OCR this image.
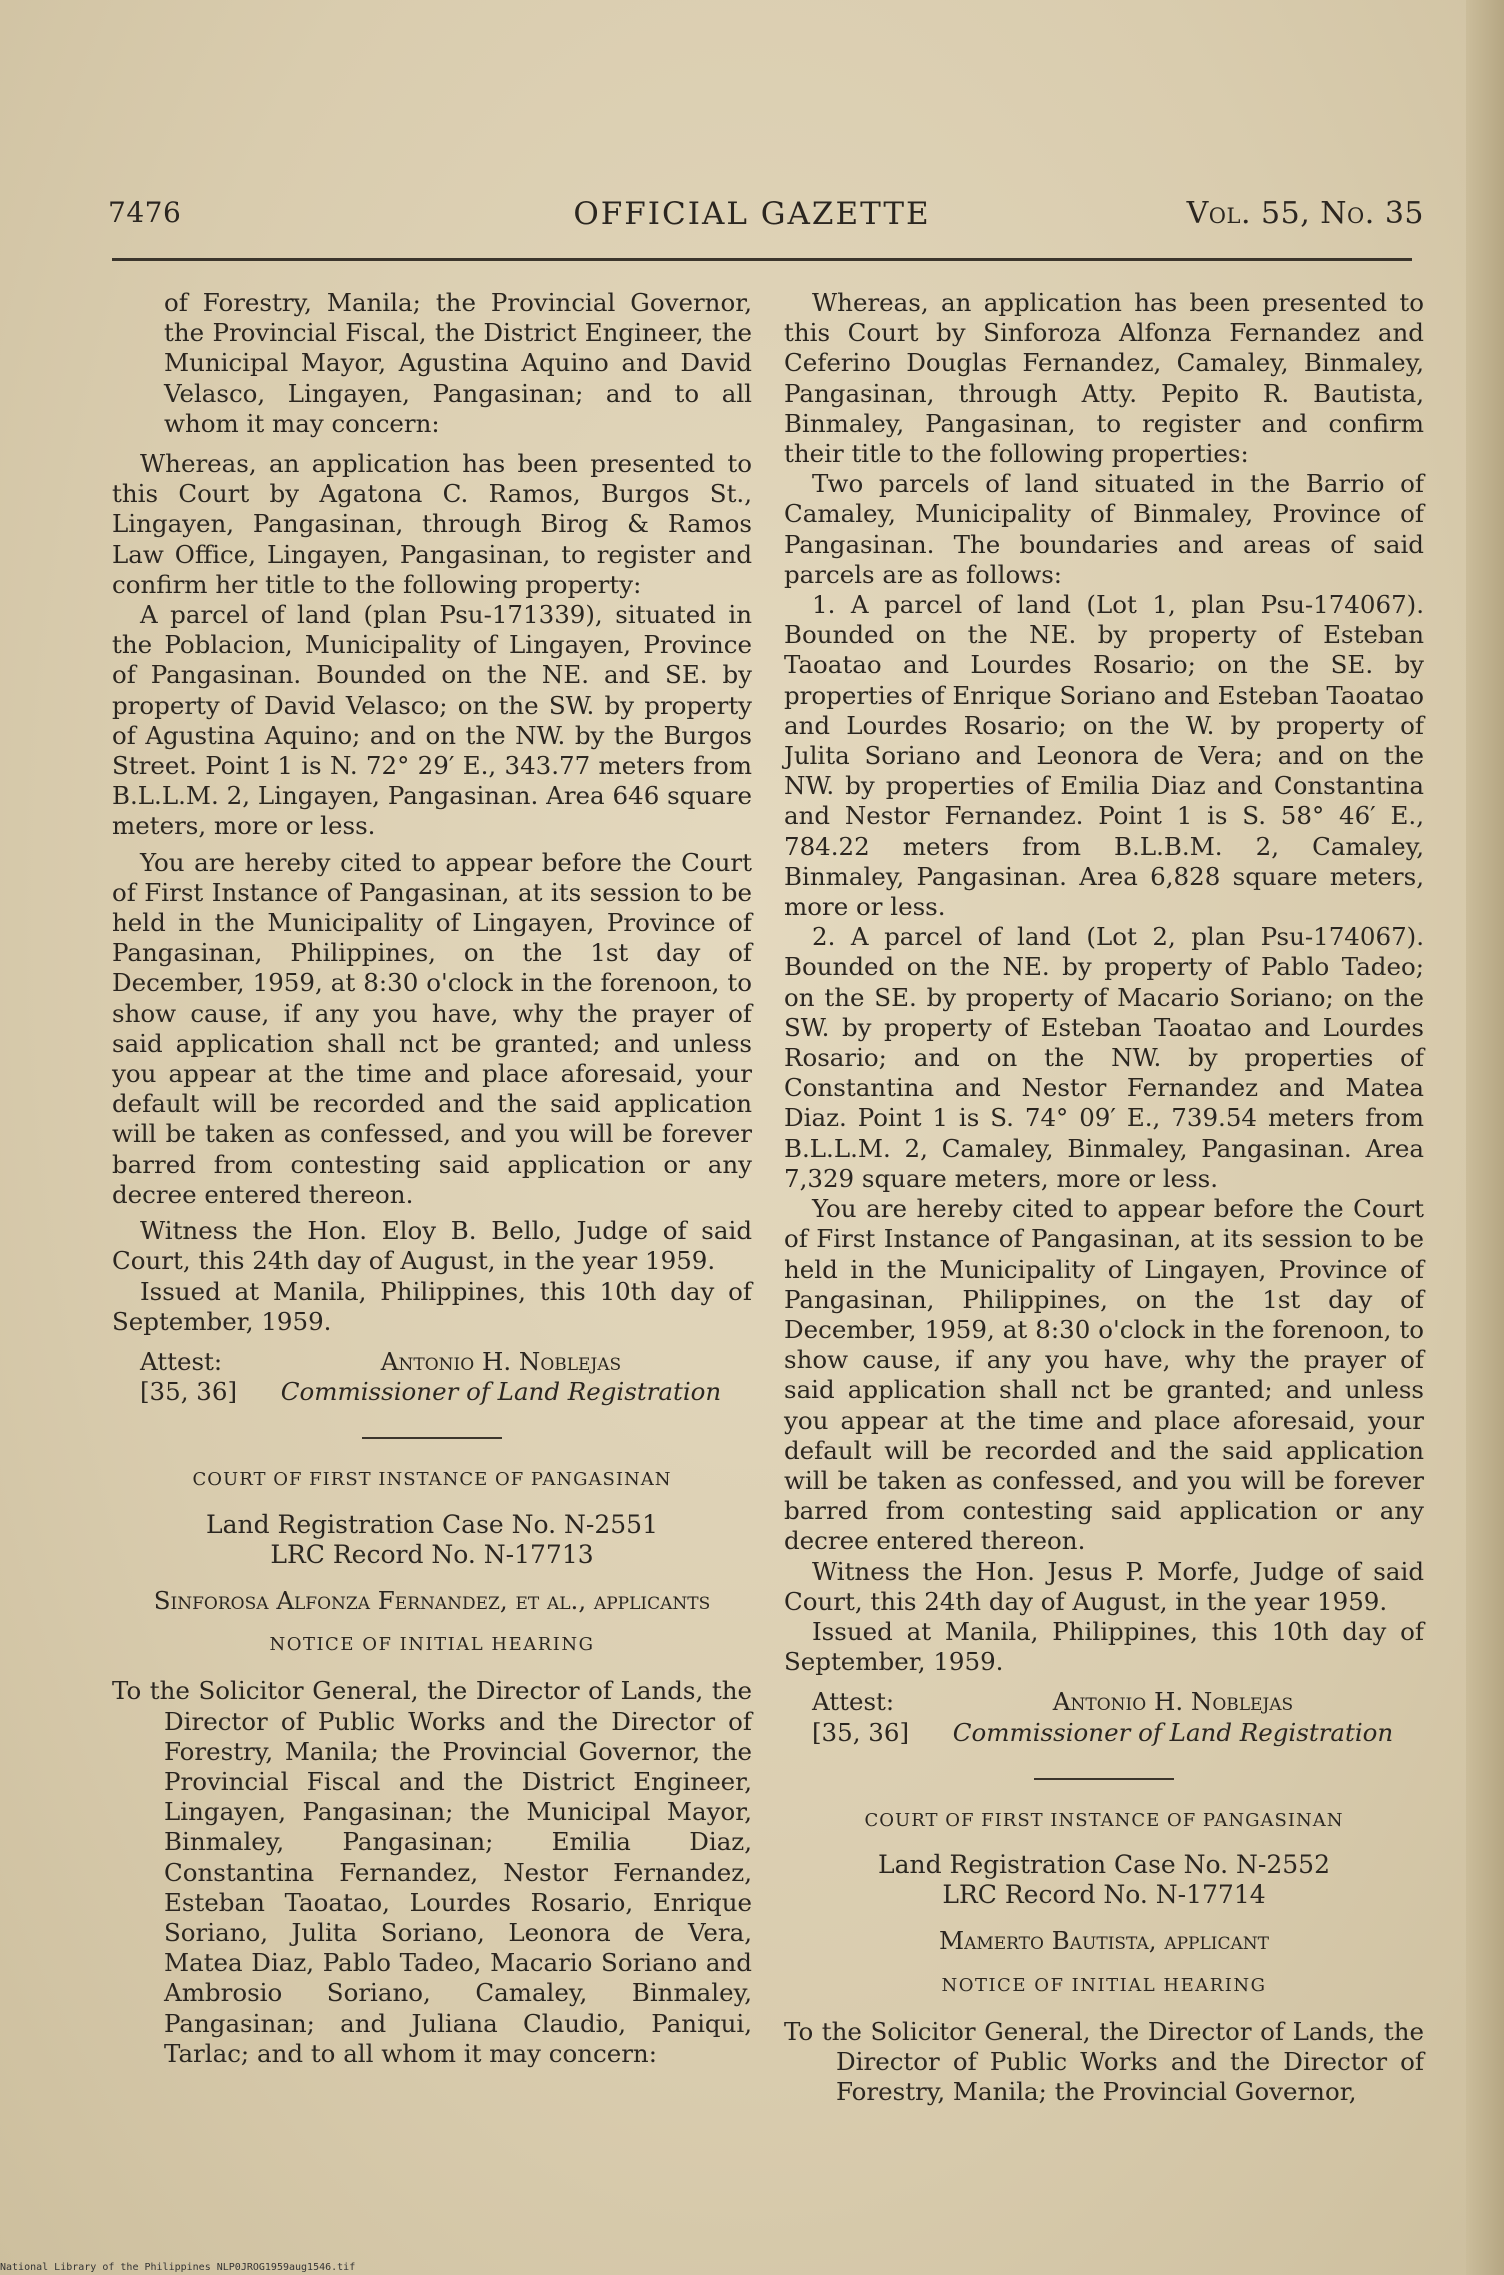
7476	OFFICIAL GAZETTE	Vol. 55, No. 35

of Forestry, Manila; the Provincial Governor, the Provincial Fiscal, the District Engineer, the Municipal Mayor, Agustina Aquino and David Velasco, Lingayen, Pangasinan; and to all whom it may concern:

Whereas, an application has been presented to this Court by Agatona C. Ramos, Burgos St., Lingayen, Pangasinan, through Birog & Ramos Law Office, Lingayen, Pangasinan, to register and confirm her title to the following property:

A parcel of land (plan Psu-171339), situated in the Poblacion, Municipality of Lingayen, Province of Pangasinan. Bounded on the NE. and SE. by property of David Velasco; on the SW. by property of Agustina Aquino; and on the NW. by the Burgos Street. Point 1 is N. 72° 29′ E., 343.77 meters from B.L.L.M. 2, Lingayen, Pangasinan. Area 646 square meters, more or less.

You are hereby cited to appear before the Court of First Instance of Pangasinan, at its session to be held in the Municipality of Lingayen, Province of Pangasinan, Philippines, on the 1st day of December, 1959, at 8:30 o'clock in the forenoon, to show cause, if any you have, why the prayer of said application shall nct be granted; and unless you appear at the time and place aforesaid, your default will be recorded and the said application will be taken as confessed, and you will be forever barred from contesting said application or any decree entered thereon.

Witness the Hon. Eloy B. Bello, Judge of said Court, this 24th day of August, in the year 1959.

Issued at Manila, Philippines, this 10th day of September, 1959.

Attest:
[35, 36]
Antonio H. Noblejas
Commissioner of Land Registration
COURT OF FIRST INSTANCE OF PANGASINAN
Land Registration Case No. N-2551
LRC Record No. N-17713
Sinforosa Alfonza Fernandez, et al., applicants
NOTICE OF INITIAL HEARING

To the Solicitor General, the Director of Lands, the Director of Public Works and the Director of Forestry, Manila; the Provincial Governor, the Provincial Fiscal and the District Engineer, Lingayen, Pangasinan; the Municipal Mayor, Binmaley, Pangasinan; Emilia Diaz, Constantina Fernandez, Nestor Fernandez, Esteban Taoatao, Lourdes Rosario, Enrique Soriano, Julita Soriano, Leonora de Vera, Matea Diaz, Pablo Tadeo, Macario Soriano and Ambrosio Soriano, Camaley, Binmaley, Pangasinan; and Juliana Claudio, Paniqui, Tarlac; and to all whom it may concern:

Whereas, an application has been presented to this Court by Sinforoza Alfonza Fernandez and Ceferino Douglas Fernandez, Camaley, Binmaley, Pangasinan, through Atty. Pepito R. Bautista, Binmaley, Pangasinan, to register and confirm their title to the following properties:

Two parcels of land situated in the Barrio of Camaley, Municipality of Binmaley, Province of Pangasinan. The boundaries and areas of said parcels are as follows:

1. A parcel of land (Lot 1, plan Psu-174067). Bounded on the NE. by property of Esteban Taoatao and Lourdes Rosario; on the SE. by properties of Enrique Soriano and Esteban Taoatao and Lourdes Rosario; on the W. by property of Julita Soriano and Leonora de Vera; and on the NW. by properties of Emilia Diaz and Constantina and Nestor Fernandez. Point 1 is S. 58° 46′ E., 784.22 meters from B.L.B.M. 2, Camaley, Binmaley, Pangasinan. Area 6,828 square meters, more or less.

2. A parcel of land (Lot 2, plan Psu-174067). Bounded on the NE. by property of Pablo Tadeo; on the SE. by property of Macario Soriano; on the SW. by property of Esteban Taoatao and Lourdes Rosario; and on the NW. by properties of Constantina and Nestor Fernandez and Matea Diaz. Point 1 is S. 74° 09′ E., 739.54 meters from B.L.L.M. 2, Camaley, Binmaley, Pangasinan. Area 7,329 square meters, more or less.

You are hereby cited to appear before the Court of First Instance of Pangasinan, at its session to be held in the Municipality of Lingayen, Province of Pangasinan, Philippines, on the 1st day of December, 1959, at 8:30 o'clock in the forenoon, to show cause, if any you have, why the prayer of said application shall nct be granted; and unless you appear at the time and place aforesaid, your default will be recorded and the said application will be taken as confessed, and you will be forever barred from contesting said application or any decree entered thereon.

Witness the Hon. Jesus P. Morfe, Judge of said Court, this 24th day of August, in the year 1959.

Issued at Manila, Philippines, this 10th day of September, 1959.

Attest:
[35, 36]
Antonio H. Noblejas
Commissioner of Land Registration
COURT OF FIRST INSTANCE OF PANGASINAN
Land Registration Case No. N-2552
LRC Record No. N-17714
Mamerto Bautista, applicant
NOTICE OF INITIAL HEARING

To the Solicitor General, the Director of Lands, the Director of Public Works and the Director of Forestry, Manila; the Provincial Governor,

National Library of the Philippines NLP0JROG1959aug1546.tif
